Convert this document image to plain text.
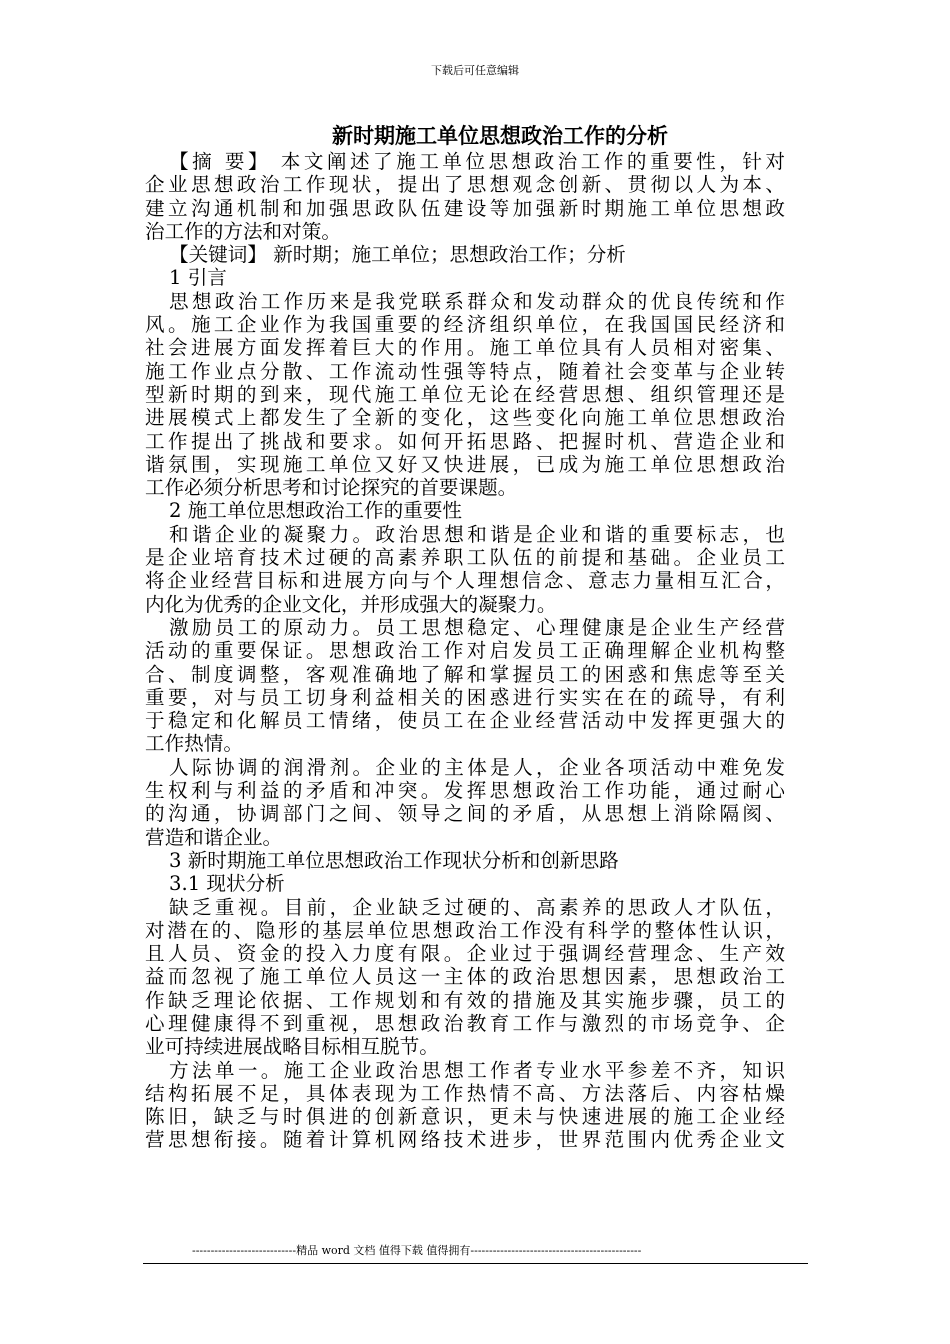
下载后可任意编辑
新时期施工单位思想政治工作的分析
【摘 要】 本文阐述了施工单位思想政治工作的重要性，针对
企业思想政治工作现状，提出了思想观念创新、贯彻以人为本、
建立沟通机制和加强思政队伍建设等加强新时期施工单位思想政
治工作的方法和对策。
【关键词】 新时期；施工单位；思想政治工作；分析
1 引言
思想政治工作历来是我党联系群众和发动群众的优良传统和作
风。施工企业作为我国重要的经济组织单位，在我国国民经济和
社会进展方面发挥着巨大的作用。施工单位具有人员相对密集、
施工作业点分散、工作流动性强等特点，随着社会变革与企业转
型新时期的到来，现代施工单位无论在经营思想、组织管理还是
进展模式上都发生了全新的变化，这些变化向施工单位思想政治
工作提出了挑战和要求。如何开拓思路、把握时机、营造企业和
谐氛围，实现施工单位又好又快进展，已成为施工单位思想政治
工作必须分析思考和讨论探究的首要课题。
2 施工单位思想政治工作的重要性
和谐企业的凝聚力。政治思想和谐是企业和谐的重要标志，也
是企业培育技术过硬的高素养职工队伍的前提和基础。企业员工
将企业经营目标和进展方向与个人理想信念、意志力量相互汇合，
内化为优秀的企业文化，并形成强大的凝聚力。
激励员工的原动力。员工思想稳定、心理健康是企业生产经营
活动的重要保证。思想政治工作对启发员工正确理解企业机构整
合、制度调整，客观准确地了解和掌握员工的困惑和焦虑等至关
重要，对与员工切身利益相关的困惑进行实实在在的疏导，有利
于稳定和化解员工情绪，使员工在企业经营活动中发挥更强大的
工作热情。
人际协调的润滑剂。企业的主体是人，企业各项活动中难免发
生权利与利益的矛盾和冲突。发挥思想政治工作功能，通过耐心
的沟通，协调部门之间、领导之间的矛盾，从思想上消除隔阂、
营造和谐企业。
3 新时期施工单位思想政治工作现状分析和创新思路
3.1 现状分析
缺乏重视。目前，企业缺乏过硬的、高素养的思政人才队伍，
对潜在的、隐形的基层单位思想政治工作没有科学的整体性认识，
且人员、资金的投入力度有限。企业过于强调经营理念、生产效
益而忽视了施工单位人员这一主体的政治思想因素，思想政治工
作缺乏理论依据、工作规划和有效的措施及其实施步骤，员工的
心理健康得不到重视，思想政治教育工作与激烈的市场竞争、企
业可持续进展战略目标相互脱节。
方法单一。施工企业政治思想工作者专业水平参差不齐，知识
结构拓展不足，具体表现为工作热情不高、方法落后、内容枯燥
陈旧，缺乏与时俱进的创新意识，更未与快速进展的施工企业经
营思想衔接。随着计算机网络技术进步，世界范围内优秀企业文
----------------------------精品 word 文档 值得下载 值得拥有----------------------------------------------
